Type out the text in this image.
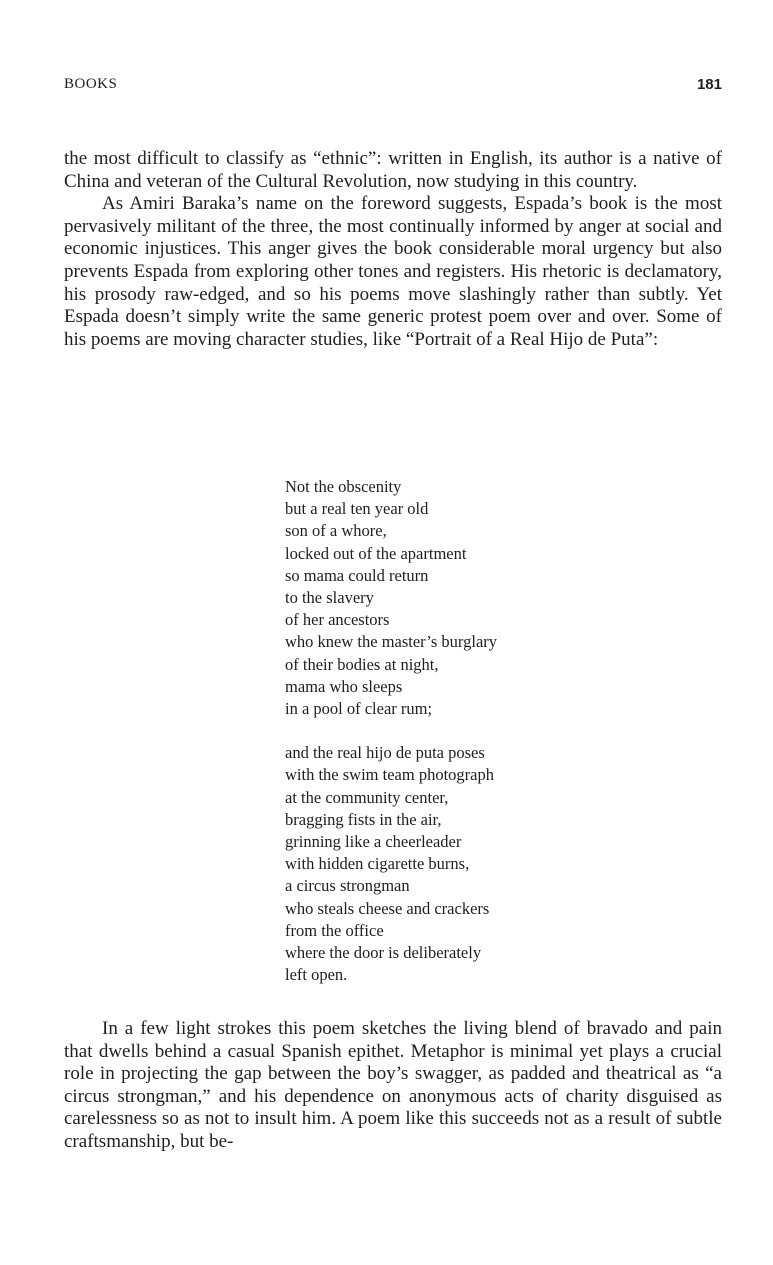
BOOKS	181

the most difficult to classify as “ethnic”: written in English, its author is a native of China and veteran of the Cultural Revolution, now studying in this country.

As Amiri Baraka’s name on the foreword suggests, Espada’s book is the most pervasively militant of the three, the most continually informed by anger at social and economic injustices. This anger gives the book considerable moral urgency but also prevents Espada from exploring other tones and registers. His rhetoric is declamatory, his prosody raw-edged, and so his poems move slashingly rather than subtly. Yet Espada doesn’t simply write the same generic protest poem over and over. Some of his poems are moving character studies, like “Portrait of a Real Hijo de Puta”:

Not the obscenity
but a real ten year old
son of a whore,
locked out of the apartment
so mama could return
to the slavery
of her ancestors
who knew the master’s burglary
of their bodies at night,
mama who sleeps
in a pool of clear rum;
and the real hijo de puta poses
with the swim team photograph
at the community center,
bragging fists in the air,
grinning like a cheerleader
with hidden cigarette burns,
a circus strongman
who steals cheese and crackers
from the office
where the door is deliberately
left open.

In a few light strokes this poem sketches the living blend of bravado and pain that dwells behind a casual Spanish epithet. Metaphor is minimal yet plays a crucial role in projecting the gap between the boy’s swagger, as padded and theatrical as “a circus strongman,” and his dependence on anonymous acts of charity disguised as carelessness so as not to insult him. A poem like this succeeds not as a result of subtle craftsmanship, but be-
